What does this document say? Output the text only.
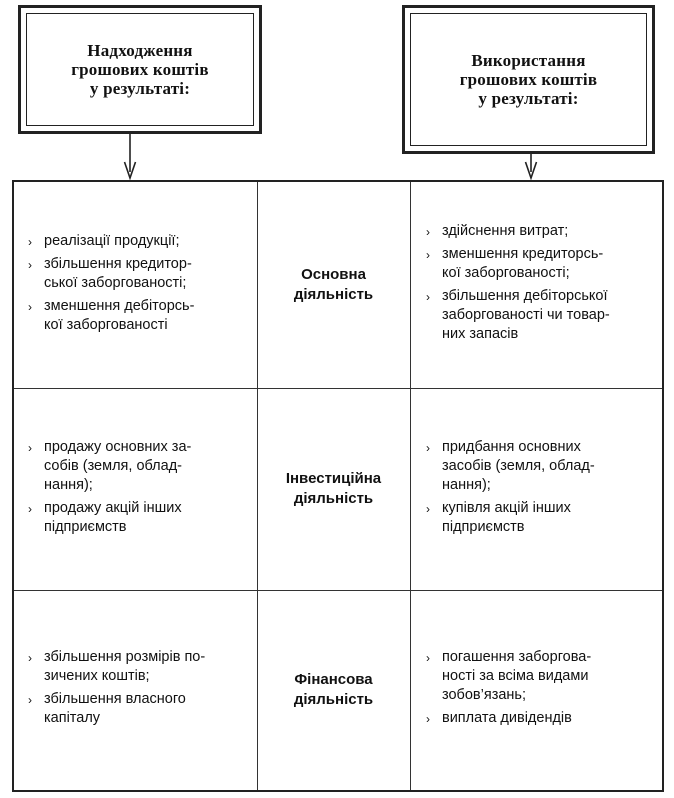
Надходження
грошових коштів
у результаті:
Використання
грошових коштів
у результаті:
› реалізації продукції;
› збільшення кредитор-
ської заборгованості;
› зменшення дебіторсь-
кої заборгованості
Основна
діяльність
› здійснення витрат;
› зменшення кредиторсь-
кої заборгованості;
› збільшення дебіторської
заборгованості чи товар-
них запасів
› продажу основних за-
собів (земля, облад-
нання);
› продажу акцій інших
підприємств
Інвестиційна
діяльність
› придбання основних
засобів (земля, облад-
нання);
› купівля акцій інших
підприємств
› збільшення розмірів по-
зичених коштів;
› збільшення власного
капіталу
Фінансова
діяльність
› погашення заборгова-
ності за всіма видами
зобов’язань;
› виплата дивідендів
